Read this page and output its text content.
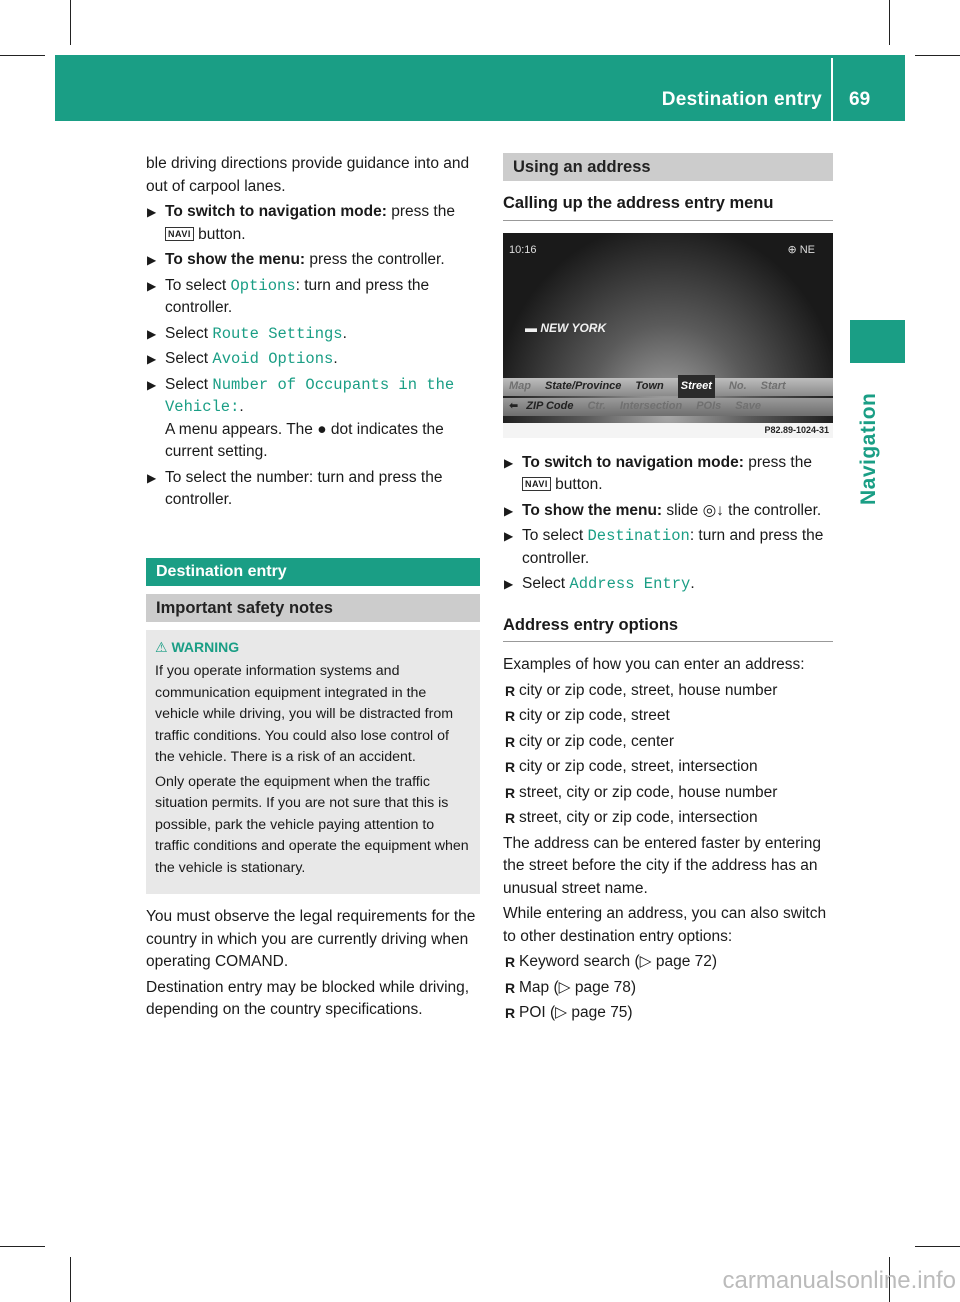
Destination entry 69
Navigation

ble driving directions provide guidance into and out of carpool lanes.

▶ To switch to navigation mode: press the
NAVI button.
▶ To show the menu: press the controller.
▶ To select Options: turn and press the controller.
▶ Select Route Settings.
▶ Select Avoid Options.
▶ Select Number of Occupants in the Vehicle:.
A menu appears. The ● dot indicates the current setting.
▶ To select the number: turn and press the controller.
Destination entry
Important safety notes
⚠ WARNING

If you operate information systems and communication equipment integrated in the vehicle while driving, you will be distracted from traffic conditions. You could also lose control of the vehicle. There is a risk of an accident.

Only operate the equipment when the traffic situation permits. If you are not sure that this is possible, park the vehicle paying attention to traffic conditions and operate the equipment when the vehicle is stationary.

You must observe the legal requirements for the country in which you are currently driving when operating COMAND.

Destination entry may be blocked while driving, depending on the country specifications.

Using an address
Calling up the address entry menu
10:16	⊕ NE
▬ NEW YORK
Map State/Province Town Street No. Start
⬅ ZIP Code Ctr. Intersection POIs Save
P82.89-1024-31
▶ To switch to navigation mode: press the
NAVI button.
▶ To show the menu: slide ◎↓ the controller.
▶ To select Destination: turn and press the controller.
▶ Select Address Entry.
Address entry options

Examples of how you can enter an address:

R city or zip code, street, house number
R city or zip code, street
R city or zip code, center
R city or zip code, street, intersection
R street, city or zip code, house number
R street, city or zip code, intersection

The address can be entered faster by entering the street before the city if the address has an unusual street name.

While entering an address, you can also switch to other destination entry options:

R Keyword search (▷ page 72)
R Map (▷ page 78)
R POI (▷ page 75)
carmanualsonline.info
